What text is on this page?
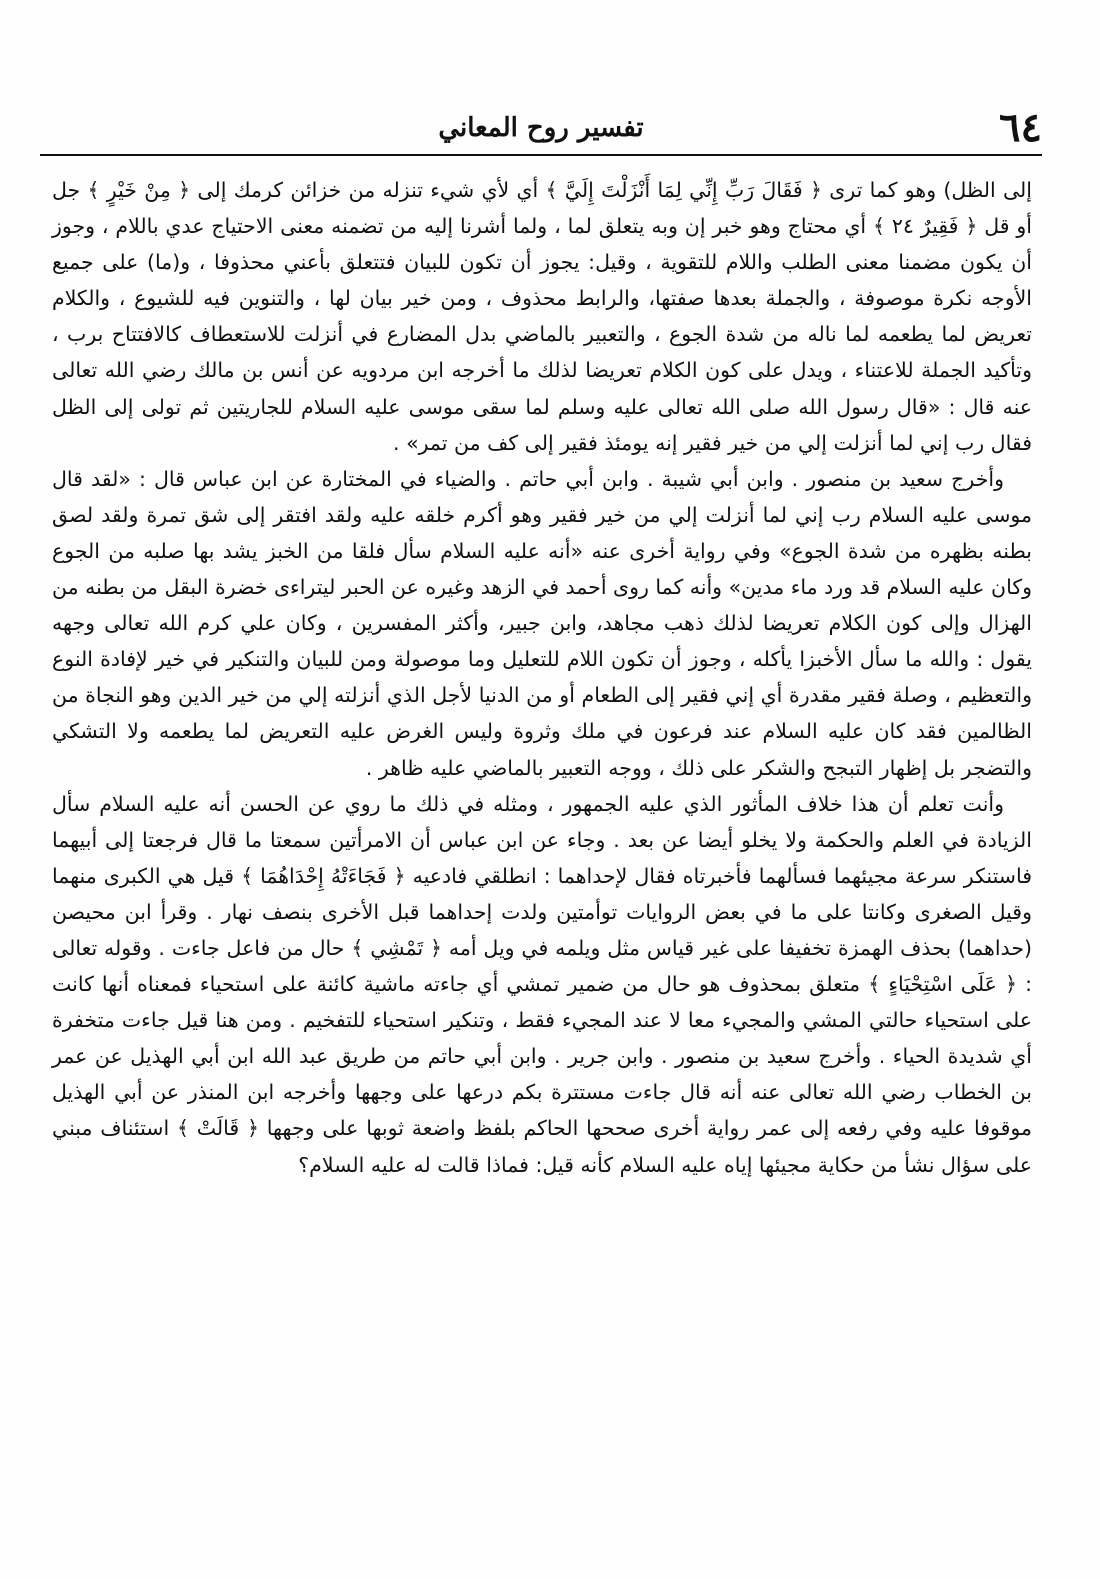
٦٤
تفسير روح المعاني

إلى الظل) وهو كما ترى ﴿ فَقَالَ رَبِّ إِنِّي لِمَا أَنْزَلْتَ إِلَيَّ ﴾ أي لأي شيء تنزله من خزائن كرمك إلى ﴿ مِنْ خَيْرٍ ﴾ جل أو قل ﴿ فَقِيرٌ ٢٤ ﴾ أي محتاج وهو خبر إن وبه يتعلق لما ، ولما أشرنا إليه من تضمنه معنى الاحتياج عدي باللام ، وجوز أن يكون مضمنا معنى الطلب واللام للتقوية ، وقيل: يجوز أن تكون للبيان فتتعلق بأعني محذوفا ، و(ما) على جميع الأوجه نكرة موصوفة ، والجملة بعدها صفتها، والرابط محذوف ، ومن خير بيان لها ، والتنوين فيه للشيوع ، والكلام تعريض لما يطعمه لما ناله من شدة الجوع ، والتعبير بالماضي بدل المضارع في أنزلت للاستعطاف كالافتتاح برب ، وتأكيد الجملة للاعتناء ، ويدل على كون الكلام تعريضا لذلك ما أخرجه ابن مردويه عن أنس بن مالك رضي الله تعالى عنه قال : «قال رسول الله صلى الله تعالى عليه وسلم لما سقى موسى عليه السلام للجاريتين ثم تولى إلى الظل فقال رب إني لما أنزلت إلي من خير فقير إنه يومئذ فقير إلى كف من تمر» .

وأخرج سعيد بن منصور . وابن أبي شيبة . وابن أبي حاتم . والضياء في المختارة عن ابن عباس قال : «لقد قال موسى عليه السلام رب إني لما أنزلت إلي من خير فقير وهو أكرم خلقه عليه ولقد افتقر إلى شق تمرة ولقد لصق بطنه بظهره من شدة الجوع» وفي رواية أخرى عنه «أنه عليه السلام سأل فلقا من الخبز يشد بها صلبه من الجوع وكان عليه السلام قد ورد ماء مدين» وأنه كما روى أحمد في الزهد وغيره عن الحبر ليتراءى خضرة البقل من بطنه من الهزال وإلى كون الكلام تعريضا لذلك ذهب مجاهد، وابن جبير، وأكثر المفسرين ، وكان علي كرم الله تعالى وجهه يقول : والله ما سأل الأخبزا يأكله ، وجوز أن تكون اللام للتعليل وما موصولة ومن للبيان والتنكير في خير لإفادة النوع والتعظيم ، وصلة فقير مقدرة أي إني فقير إلى الطعام أو من الدنيا لأجل الذي أنزلته إلي من خير الدين وهو النجاة من الظالمين فقد كان عليه السلام عند فرعون في ملك وثروة وليس الغرض عليه التعريض لما يطعمه ولا التشكي والتضجر بل إظهار التبجح والشكر على ذلك ، ووجه التعبير بالماضي عليه ظاهر .

وأنت تعلم أن هذا خلاف المأثور الذي عليه الجمهور ، ومثله في ذلك ما روي عن الحسن أنه عليه السلام سأل الزيادة في العلم والحكمة ولا يخلو أيضا عن بعد . وجاء عن ابن عباس أن الامرأتين سمعتا ما قال فرجعتا إلى أبيهما فاستنكر سرعة مجيئهما فسألهما فأخبرتاه فقال لإحداهما : انطلقي فادعيه ﴿ فَجَاءَتْهُ إِحْدَاهُمَا ﴾ قيل هي الكبرى منهما وقيل الصغرى وكانتا على ما في بعض الروايات توأمتين ولدت إحداهما قبل الأخرى بنصف نهار . وقرأ ابن محيصن (حداهما) بحذف الهمزة تخفيفا على غير قياس مثل ويلمه في ويل أمه ﴿ تَمْشِي ﴾ حال من فاعل جاءت . وقوله تعالى : ﴿ عَلَى اسْتِحْيَاءٍ ﴾ متعلق بمحذوف هو حال من ضمير تمشي أي جاءته ماشية كائنة على استحياء فمعناه أنها كانت على استحياء حالتي المشي والمجيء معا لا عند المجيء فقط ، وتنكير استحياء للتفخيم . ومن هنا قيل جاءت متخفرة أي شديدة الحياء . وأخرج سعيد بن منصور . وابن جرير . وابن أبي حاتم من طريق عبد الله ابن أبي الهذيل عن عمر بن الخطاب رضي الله تعالى عنه أنه قال جاءت مستترة بكم درعها على وجهها وأخرجه ابن المنذر عن أبي الهذيل موقوفا عليه وفي رفعه إلى عمر رواية أخرى صححها الحاكم بلفظ واضعة ثوبها على وجهها ﴿ قَالَتْ ﴾ استئناف مبني على سؤال نشأ من حكاية مجيئها إياه عليه السلام كأنه قيل: فماذا قالت له عليه السلام؟
